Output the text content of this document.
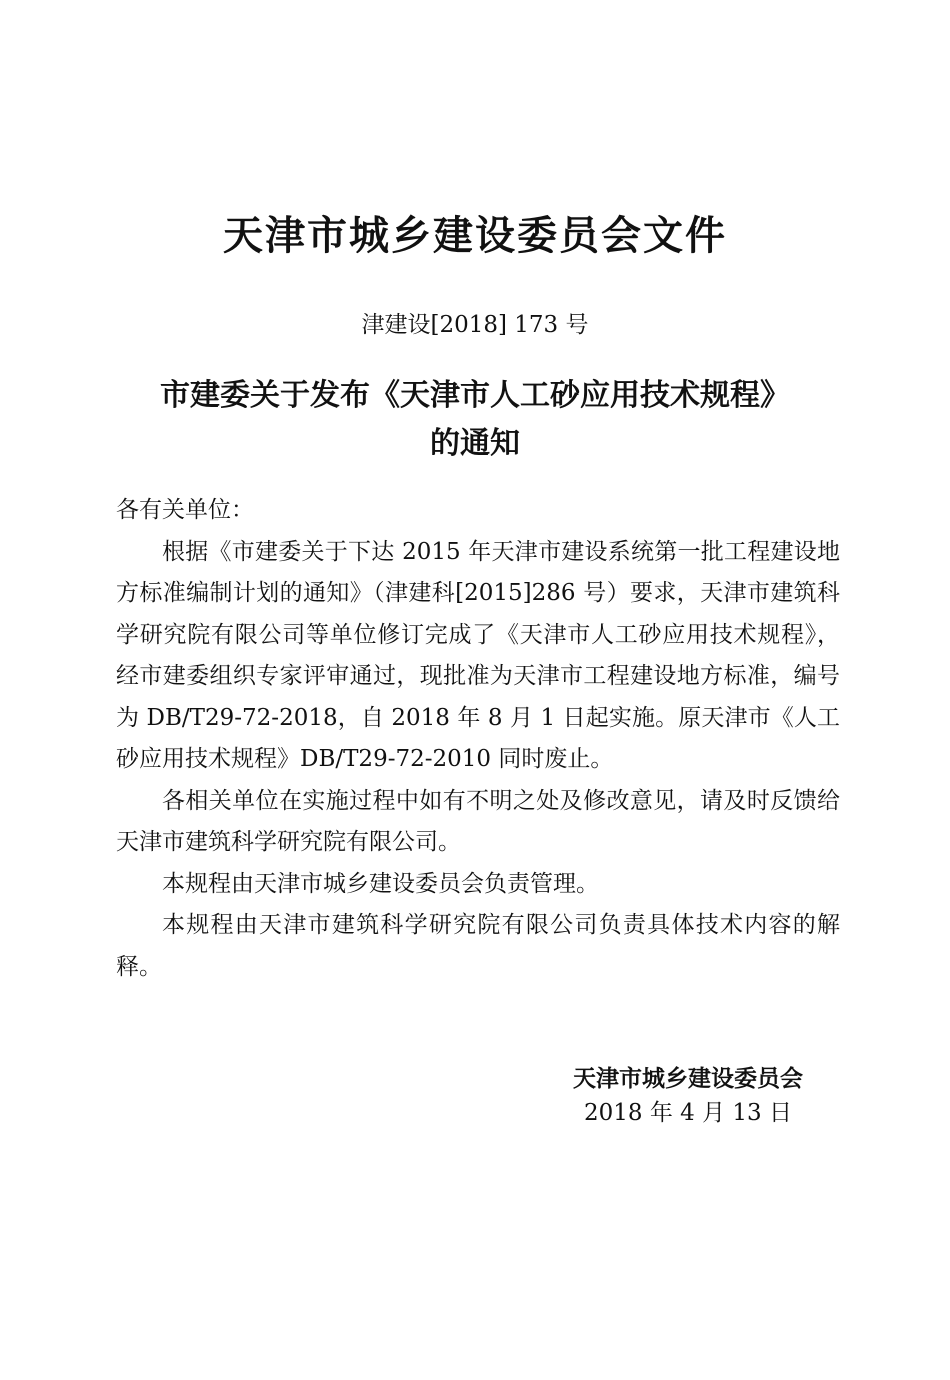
天津市城乡建设委员会文件
津建设[2018] 173 号
市建委关于发布《天津市人工砂应用技术规程》
的通知

各有关单位：

根据《市建委关于下达 2015 年天津市建设系统第一批工程建设地方标准编制计划的通知》（津建科[2015]286 号）要求，天津市建筑科学研究院有限公司等单位修订完成了《天津市人工砂应用技术规程》，经市建委组织专家评审通过，现批准为天津市工程建设地方标准，编号为 DB/T29-72-2018，自 2018 年 8 月 1 日起实施。原天津市《人工砂应用技术规程》DB/T29-72-2010 同时废止。

各相关单位在实施过程中如有不明之处及修改意见，请及时反馈给天津市建筑科学研究院有限公司。

本规程由天津市城乡建设委员会负责管理。

本规程由天津市建筑科学研究院有限公司负责具体技术内容的解释。

天津市城乡建设委员会
2018 年 4 月 13 日
